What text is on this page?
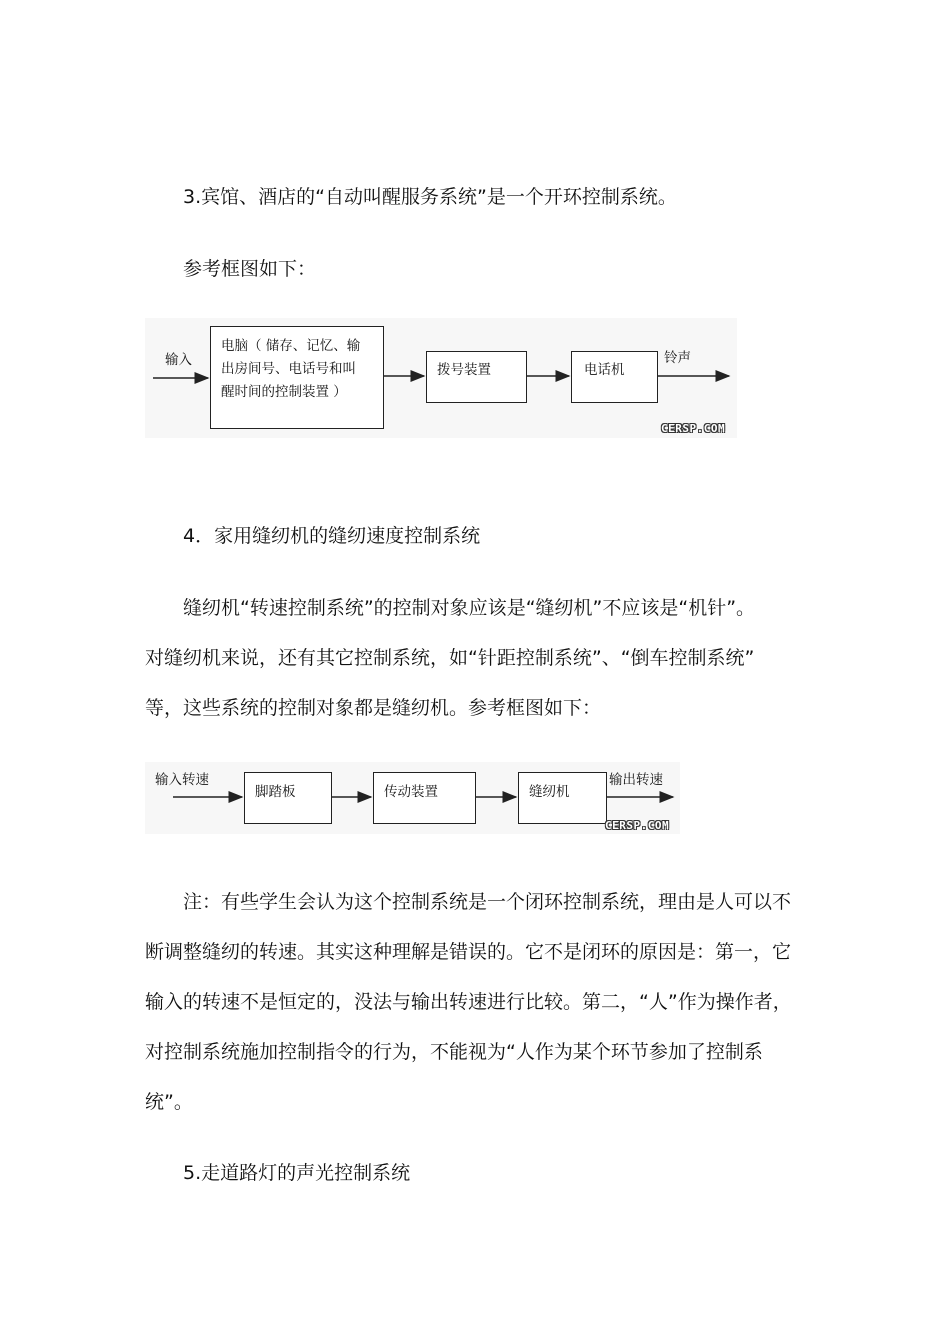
3.宾馆、酒店的“自动叫醒服务系统”是一个开环控制系统。
参考框图如下：
输入
电脑（ 储存、记忆、输
出房间号、电话号和叫
醒时间的控制装置 ）
拨号装置	电话机
铃声
CERSP.COM
4．家用缝纫机的缝纫速度控制系统
缝纫机“转速控制系统”的控制对象应该是“缝纫机”不应该是“机针”。
对缝纫机来说，还有其它控制系统，如“针距控制系统”、“倒车控制系统”
等，这些系统的控制对象都是缝纫机。参考框图如下：
输入转速
脚踏板	传动装置	缝纫机
输出转速
CERSP.COM
注：有些学生会认为这个控制系统是一个闭环控制系统，理由是人可以不
断调整缝纫的转速。其实这种理解是错误的。它不是闭环的原因是：第一，它
输入的转速不是恒定的，没法与输出转速进行比较。第二，“人”作为操作者，
对控制系统施加控制指令的行为，不能视为“人作为某个环节参加了控制系
统”。
5.走道路灯的声光控制系统
